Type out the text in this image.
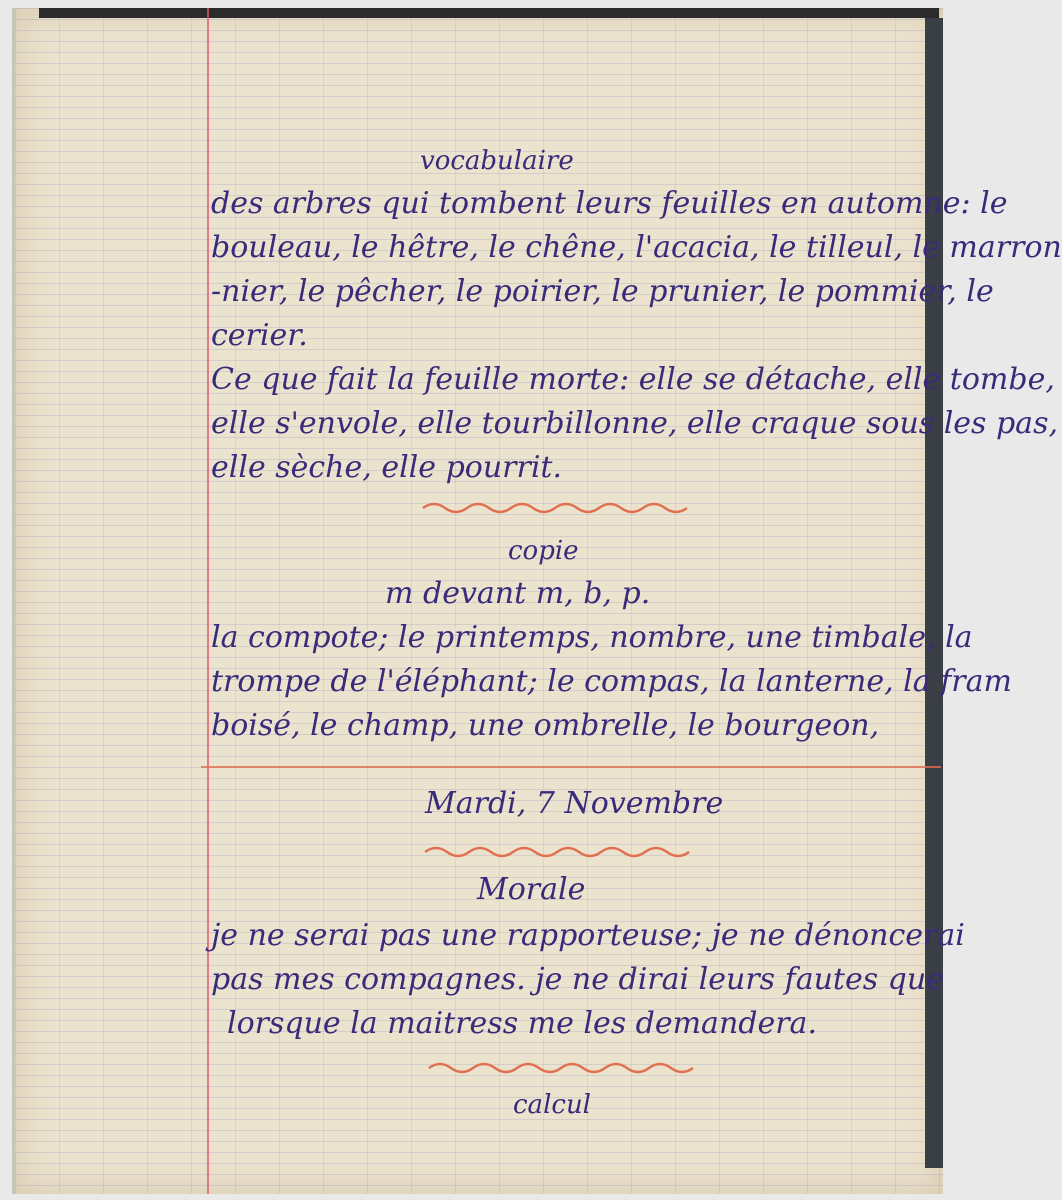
vocabulaire
des arbres qui tombent leurs feuilles en automne: le
bouleau, le hêtre, le chêne, l'acacia, le tilleul, le marron
-nier, le pêcher, le poirier, le prunier, le pommier, le
cerier.
Ce que fait la feuille morte: elle se détache, elle tombe,
elle s'envole, elle tourbillonne, elle craque sous les pas,
elle sèche, elle pourrit.
copie
m devant m, b, p.
la compote; le printemps, nombre, une timbale, la
trompe de l'éléphant; le compas, la lanterne, la fram
boisé, le champ, une ombrelle, le bourgeon,
Mardi, 7 Novembre
Morale
je ne serai pas une rapporteuse; je ne dénoncerai
pas mes compagnes. je ne dirai leurs fautes que
lorsque la maitress me les demandera.
calcul
